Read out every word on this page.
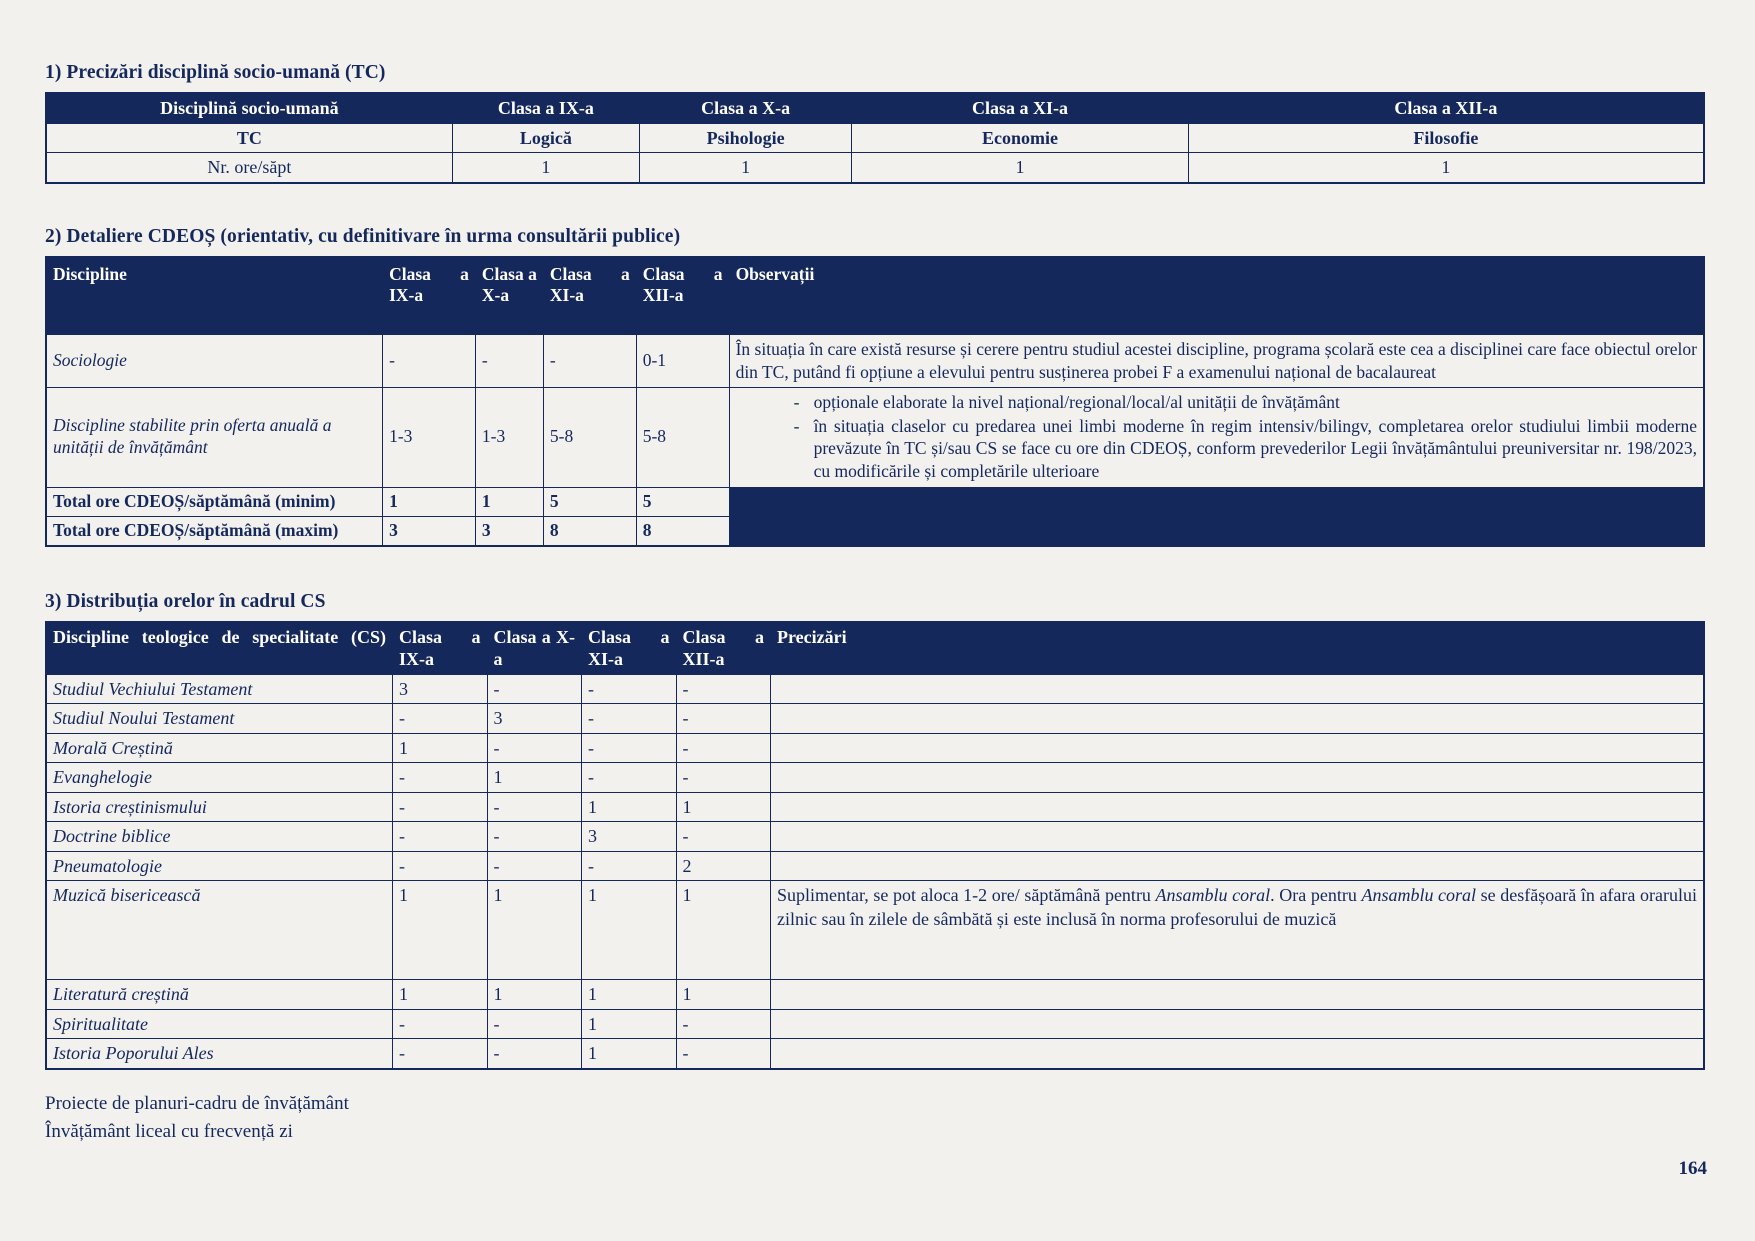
1) Precizări disciplină socio-umană (TC)
Disciplină socio-umană	Clasa a IX-a	Clasa a X-a	Clasa a XI-a	Clasa a XII-a
TC	Logică	Psihologie	Economie	Filosofie
Nr. ore/săpt	1	1	1	1
2) Detaliere CDEOȘ (orientativ, cu definitivare în urma consultării publice)
Discipline	Clasa a IX-a	Clasa a X-a	Clasa a XI-a	Clasa a XII-a	Observații

Sociologie	-	-	-	0-1	În situația în care există resurse și cerere pentru studiul acestei discipline, programa școlară este cea a disciplinei care face obiectul orelor din TC, putând fi opțiune a elevului pentru susținerea probei F a examenului național de bacalaureat
Discipline stabilite prin oferta anuală a unității de învățământ	1-3	1-3	5-8	5-8	
- opționale elaborate la nivel național/regional/local/al unității de învățământ
- în situația claselor cu predarea unei limbi moderne în regim intensiv/bilingv, completarea orelor studiului limbii moderne prevăzute în TC și/sau CS se face cu ore din CDEOȘ, conform prevederilor Legii învățământului preuniversitar nr. 198/2023, cu modificările și completările ulterioare

Total ore CDEOȘ/săptămână (minim)	1	1	5	5	
Total ore CDEOȘ/săptămână (maxim)	3	3	8	8	
3) Distribuția orelor în cadrul CS
Discipline teologice de specialitate (CS)	Clasa a IX-a	Clasa a X-a	Clasa a XI-a	Clasa a XII-a	Precizări
Studiul Vechiului Testament	3	-	-	-	
Studiul Noului Testament	-	3	-	-	
Morală Creștină	1	-	-	-	
Evanghelogie	-	1	-	-	
Istoria creștinismului	-	-	1	1	
Doctrine biblice	-	-	3	-	
Pneumatologie	-	-	-	2	
Muzică bisericească	1	1	1	1	Suplimentar, se pot aloca 1-2 ore/ săptămână pentru Ansamblu coral. Ora pentru Ansamblu coral se desfășoară în afara orarului zilnic sau în zilele de sâmbătă și este inclusă în norma profesorului de muzică
Literatură creștină	1	1	1	1	
Spiritualitate	-	-	1	-	
Istoria Poporului Ales	-	-	1	-	
Proiecte de planuri-cadru de învățământ
Învățământ liceal cu frecvență zi
164
